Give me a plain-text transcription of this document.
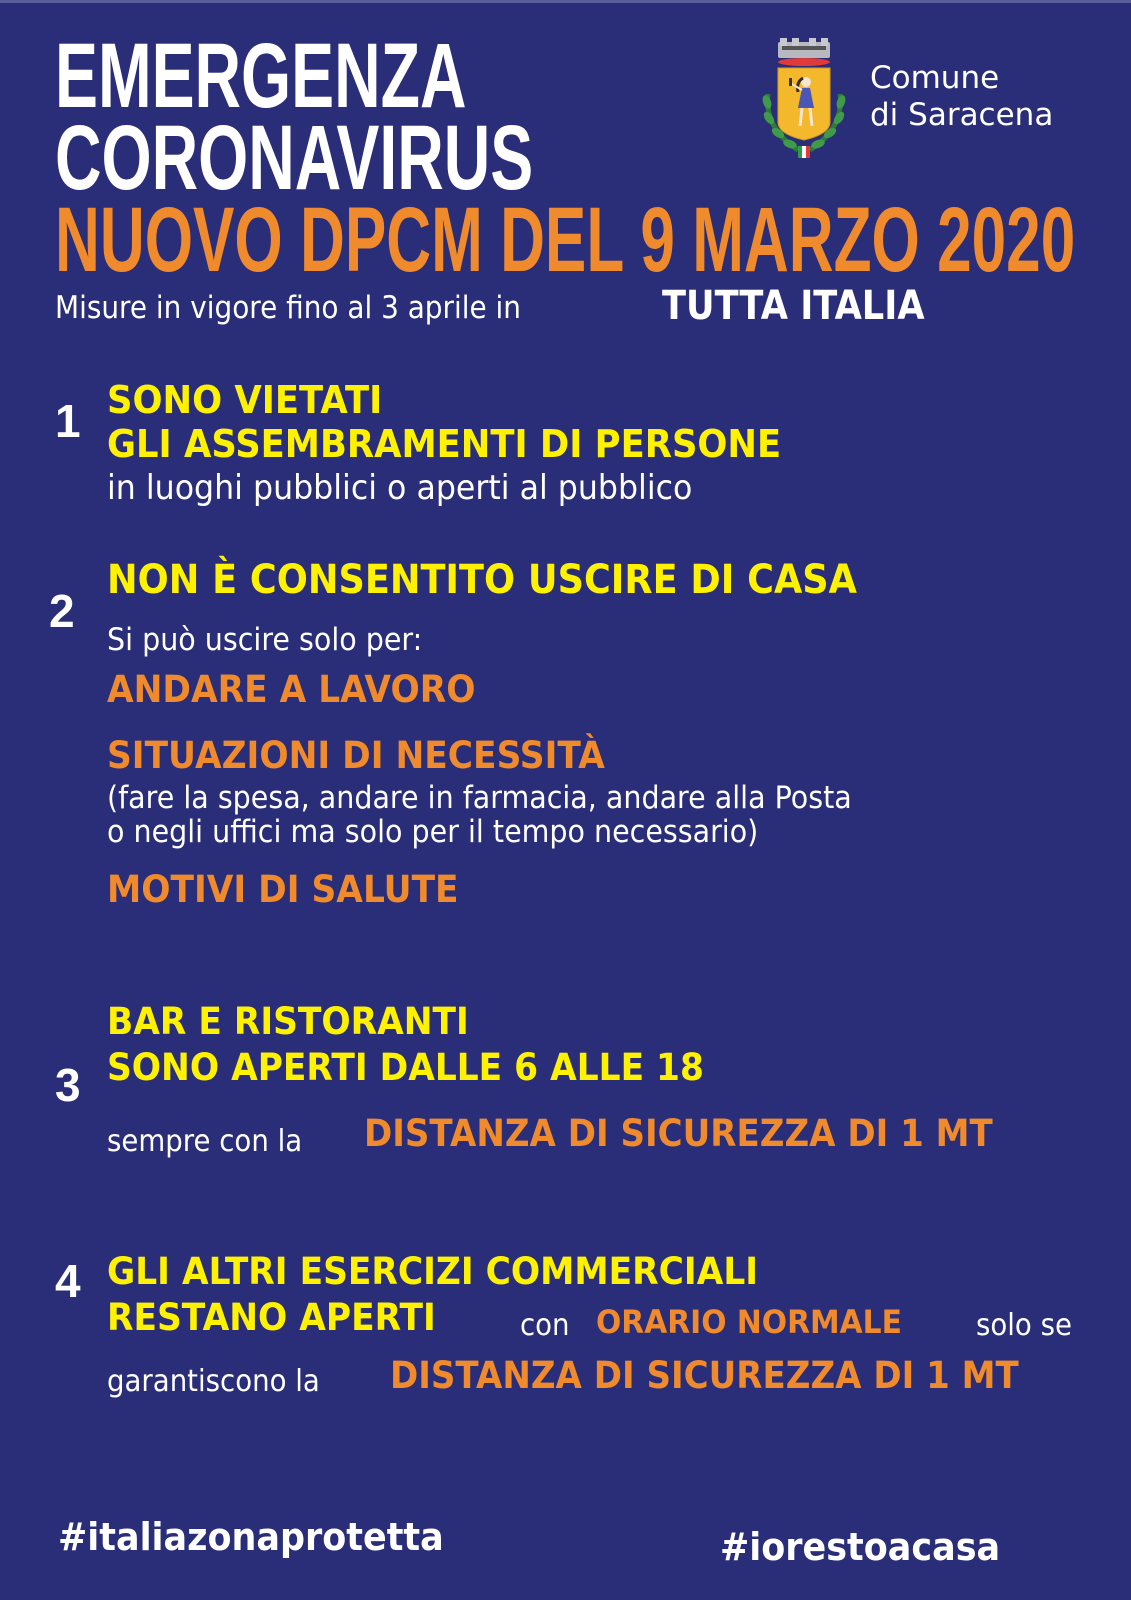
EMERGENZA
CORONAVIRUS
NUOVO DPCM DEL 9 MARZO 2020
Misure in vigore fino al 3 aprile in	TUTTA ITALIA
Comune
di Saracena
1 SONO VIETATI
GLI ASSEMBRAMENTI DI PERSONE
in luoghi pubblici o aperti al pubblico
2
NON È CONSENTITO USCIRE DI CASA
Si può uscire solo per:
ANDARE A LAVORO
SITUAZIONI DI NECESSITÀ
(fare la spesa, andare in farmacia, andare alla Posta
o negli uffici ma solo per il tempo necessario)
MOTIVI DI SALUTE
3
BAR E RISTORANTI
SONO APERTI DALLE 6 ALLE 18
sempre con la	DISTANZA DI SICUREZZA DI 1 MT
4 GLI ALTRI ESERCIZI COMMERCIALI
RESTANO APERTI	con ORARIO NORMALE	solo se
garantiscono la	DISTANZA DI SICUREZZA DI 1 MT
#italiazonaprotetta	#iorestoacasa
